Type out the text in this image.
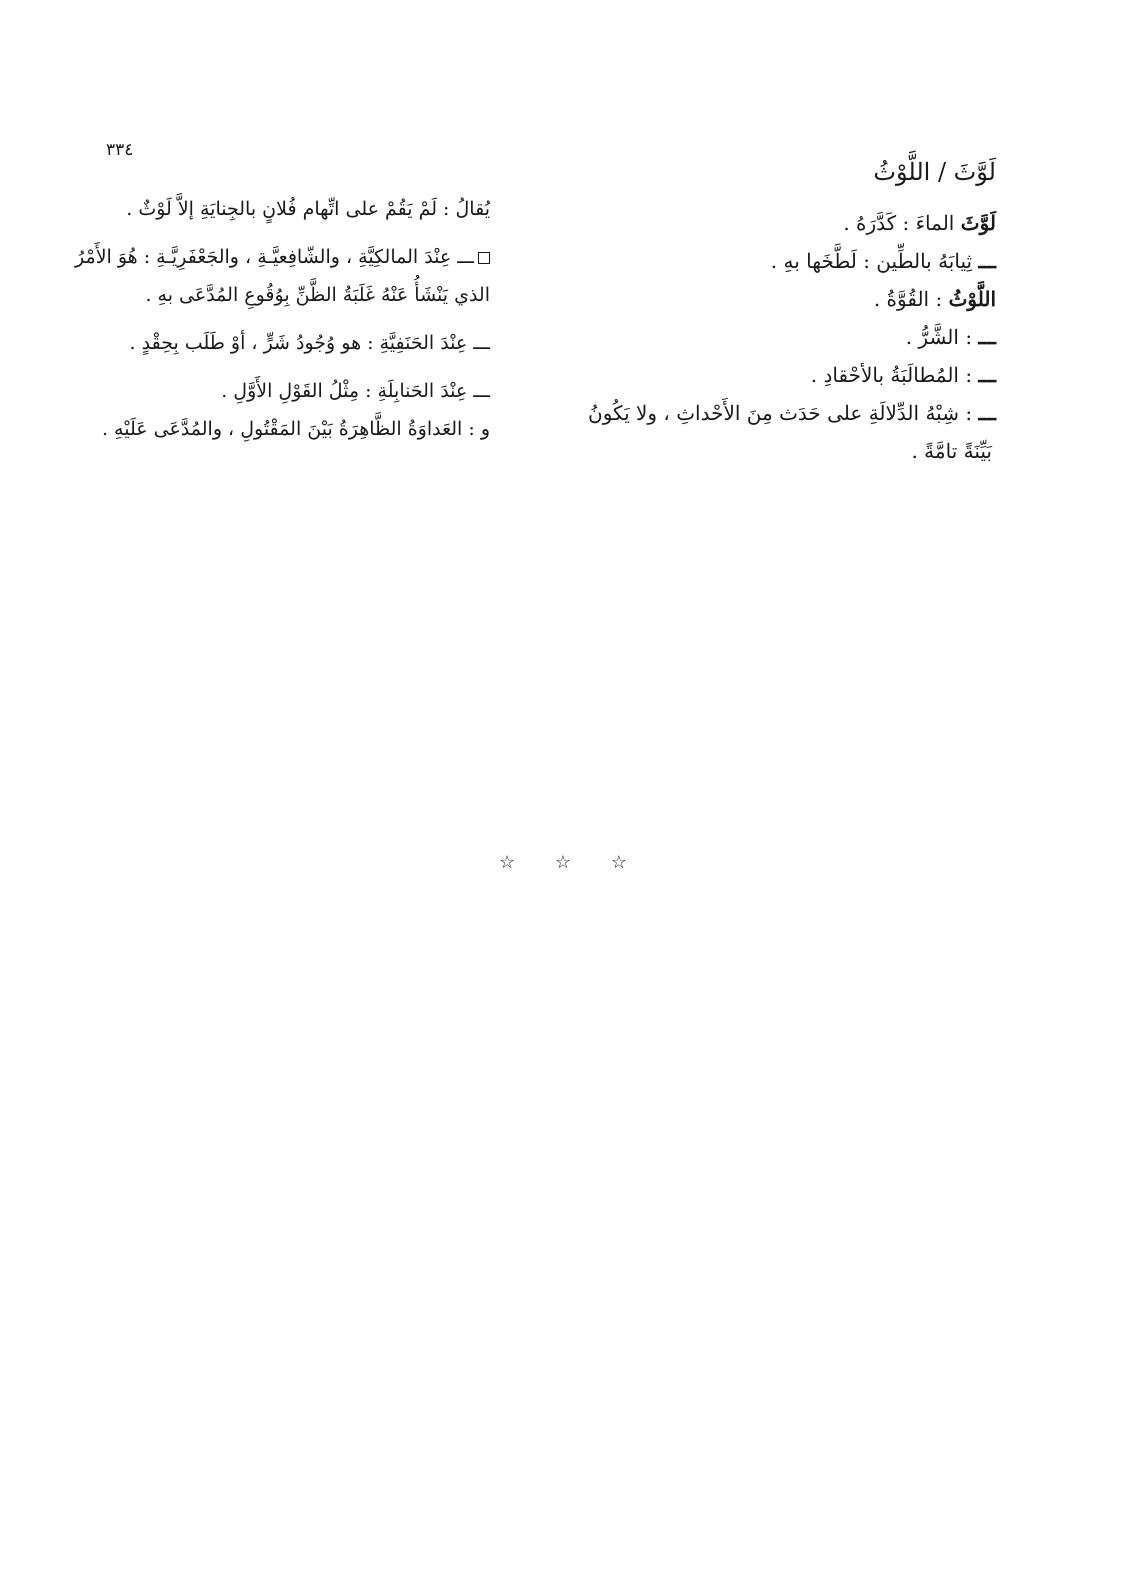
٣٣٤
لَوَّثَ / اللَّوْثُ
لَوَّثَ الماءَ : كَدَّرَهُ .
ـــ ثِيابَهُ بالطِّين : لَطَّخَها بهِ .
اللَّوْثُ : القُوَّةُ .
ـــ : الشَّرُّ .
ـــ : المُطالَبَةُ بالأحْقادِ .
ـــ : شِبْهُ الدِّلالَةِ على حَدَث مِنَ الأَحْداثِ ، ولا يَكُونُ
بَيِّنَةً تامَّةً .
يُقالُ : لَمْ يَقُمْ على اتِّهام فُلانٍ بالجِنايَةِ إلاَّ لَوْثٌ .
ـــ عِنْدَ المالكِيَّةِ ، والشّافِعيَّـةِ ، والجَعْفَرِيَّـةِ : هُوَ الأَمْرُ
الذي يَنْشَأُ عَنْهُ غَلَبَةُ الظَّنِّ بِوُقُوعِ المُدَّعَى بهِ .
ـــ عِنْدَ الحَنَفِيَّةِ : هو وُجُودُ شَرٍّ ، أوْ طَلَب بِحِقْدٍ .
ـــ عِنْدَ الحَنابِلَةِ : مِثْلُ القَوْلِ الأَوَّلِ .
و : العَداوَةُ الظَّاهِرَةُ بَيْنَ المَقْتُولِ ، والمُدَّعَى عَلَيْهِ .
☆ ☆ ☆
